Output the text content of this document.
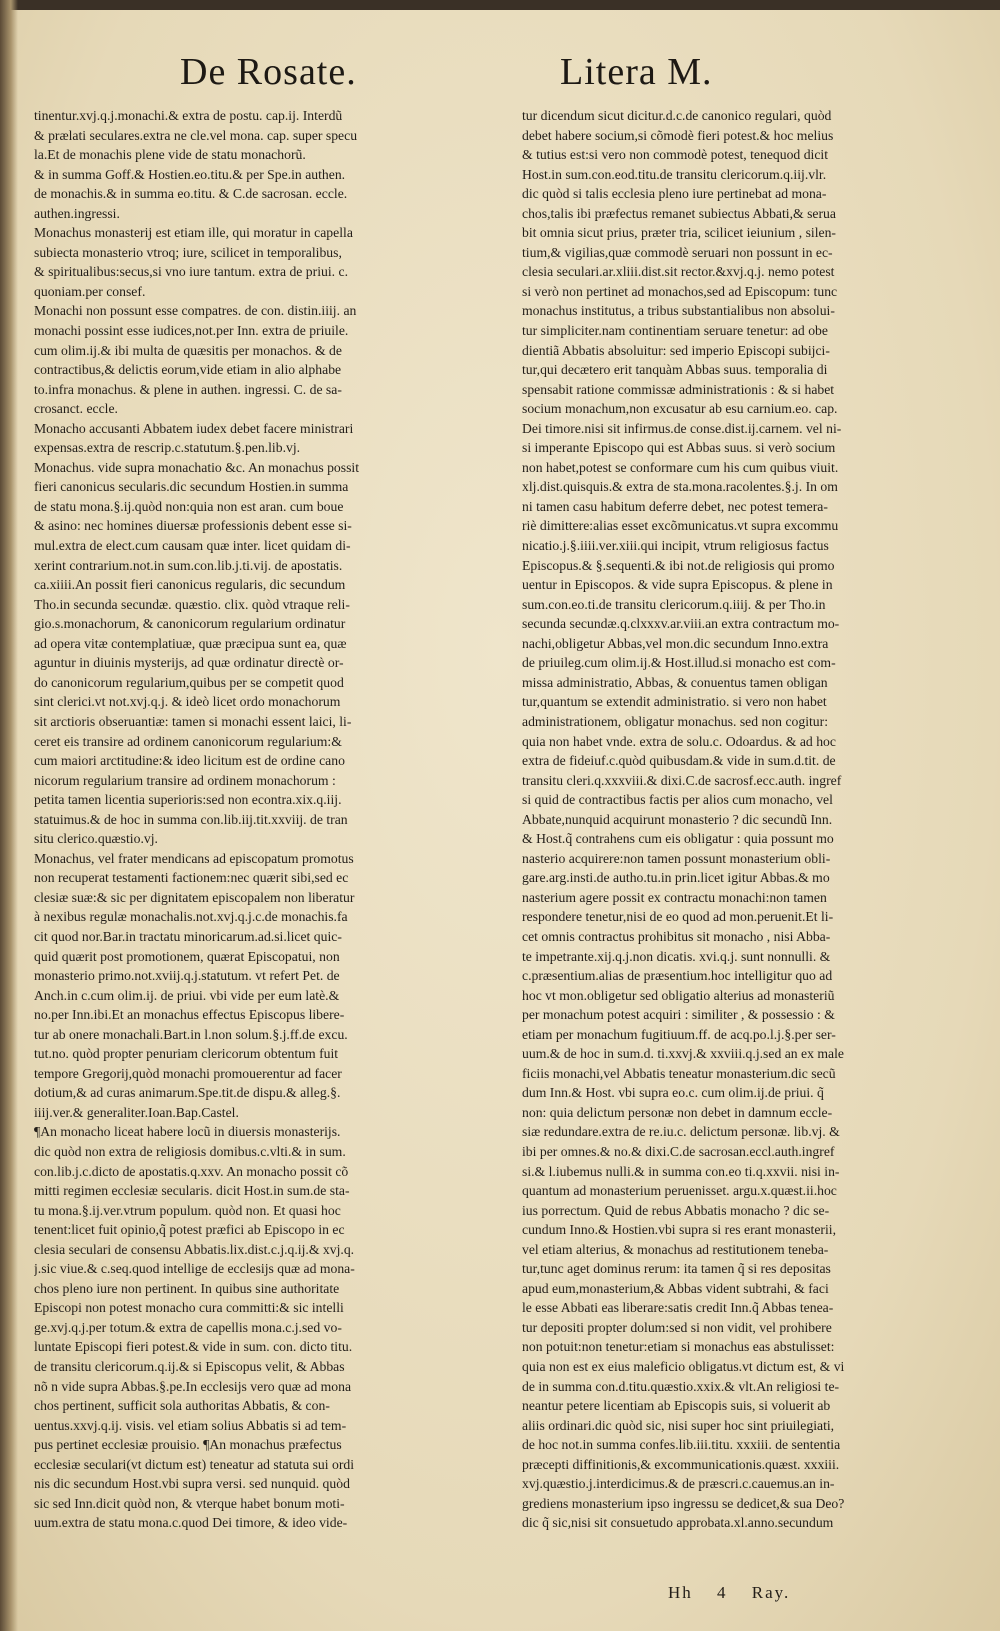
De Rosate.	Litera M.
tinentur.xvj.q.j.monachi.& extra de postu. cap.ij. Interdũ
& prælati seculares.extra ne cle.vel mona. cap. super specu
la.Et de monachis plene vide de statu monachorũ.
& in summa Goff.& Hostien.eo.titu.& per Spe.in authen.
de monachis.& in summa eo.titu. & C.de sacrosan. eccle.
authen.ingressi.
Monachus monasterij est etiam ille, qui moratur in capella
subiecta monasterio vtroq; iure, scilicet in temporalibus,
& spiritualibus:secus,si vno iure tantum. extra de priui. c.
quoniam.per consef.
Monachi non possunt esse compatres. de con. distin.iiij. an
monachi possint esse iudices,not.per Inn. extra de priuile.
cum olim.ij.& ibi multa de quæsitis per monachos. & de
contractibus,& delictis eorum,vide etiam in alio alphabe
to.infra monachus. & plene in authen. ingressi. C. de sa-
crosanct. eccle.
Monacho accusanti Abbatem iudex debet facere ministrari
expensas.extra de rescrip.c.statutum.§.pen.lib.vj.
Monachus. vide supra monachatio &c. An monachus possit
fieri canonicus secularis.dic secundum Hostien.in summa
de statu mona.§.ij.quòd non:quia non est aran. cum boue
& asino: nec homines diuersæ professionis debent esse si-
mul.extra de elect.cum causam quæ inter. licet quidam di-
xerint contrarium.not.in sum.con.lib.j.ti.vij. de apostatis.
ca.xiiii.An possit fieri canonicus regularis, dic secundum
Tho.in secunda secundæ. quæstio. clix. quòd vtraque reli-
gio.s.monachorum, & canonicorum regularium ordinatur
ad opera vitæ contemplatiuæ, quæ præcipua sunt ea, quæ
aguntur in diuinis mysterijs, ad quæ ordinatur directè or-
do canonicorum regularium,quibus per se competit quod
sint clerici.vt not.xvj.q.j. & ideò licet ordo monachorum
sit arctioris obseruantiæ: tamen si monachi essent laici, li-
ceret eis transire ad ordinem canonicorum regularium:&
cum maiori arctitudine:& ideo licitum est de ordine cano
nicorum regularium transire ad ordinem monachorum :
petita tamen licentia superioris:sed non econtra.xix.q.iij.
statuimus.& de hoc in summa con.lib.iij.tit.xxviij. de tran
situ clerico.quæstio.vj.
Monachus, vel frater mendicans ad episcopatum promotus
non recuperat testamenti factionem:nec quærit sibi,sed ec
clesiæ suæ:& sic per dignitatem episcopalem non liberatur
à nexibus regulæ monachalis.not.xvj.q.j.c.de monachis.fa
cit quod nor.Bar.in tractatu minoricarum.ad.si.licet quic-
quid quærit post promotionem, quærat Episcopatui, non
monasterio primo.not.xviij.q.j.statutum. vt refert Pet. de
Anch.in c.cum olim.ij. de priui. vbi vide per eum latè.&
no.per Inn.ibi.Et an monachus effectus Episcopus libere-
tur ab onere monachali.Bart.in l.non solum.§.j.ff.de excu.
tut.no. quòd propter penuriam clericorum obtentum fuit
tempore Gregorij,quòd monachi promouerentur ad facer
dotium,& ad curas animarum.Spe.tit.de dispu.& alleg.§.
iiij.ver.& generaliter.Ioan.Bap.Castel.
¶An monacho liceat habere locũ in diuersis monasterijs.
dic quòd non extra de religiosis domibus.c.vlti.& in sum.
con.lib.j.c.dicto de apostatis.q.xxv. An monacho possit cõ
mitti regimen ecclesiæ secularis. dicit Host.in sum.de sta-
tu mona.§.ij.ver.vtrum populum. quòd non. Et quasi hoc
tenent:licet fuit opinio,q̃ potest præfici ab Episcopo in ec
clesia seculari de consensu Abbatis.lix.dist.c.j.q.ij.& xvj.q.
j.sic viue.& c.seq.quod intellige de ecclesijs quæ ad mona-
chos pleno iure non pertinent. In quibus sine authoritate
Episcopi non potest monacho cura committi:& sic intelli
ge.xvj.q.j.per totum.& extra de capellis mona.c.j.sed vo-
luntate Episcopi fieri potest.& vide in sum. con. dicto titu.
de transitu clericorum.q.ij.& si Episcopus velit, & Abbas
nõ n vide supra Abbas.§.pe.In ecclesijs vero quæ ad mona
chos pertinent, sufficit sola authoritas Abbatis, & con-
uentus.xxvj.q.ij. visis. vel etiam solius Abbatis si ad tem-
pus pertinet ecclesiæ prouisio. ¶An monachus præfectus
ecclesiæ seculari(vt dictum est) teneatur ad statuta sui ordi
nis dic secundum Host.vbi supra versi. sed nunquid. quòd
sic sed Inn.dicit quòd non, & vterque habet bonum moti-
uum.extra de statu mona.c.quod Dei timore, & ideo vide-
tur dicendum sicut dicitur.d.c.de canonico regulari, quòd
debet habere socium,si cõmodè fieri potest.& hoc melius
& tutius est:si vero non commodè potest, tenequod dicit
Host.in sum.con.eod.titu.de transitu clericorum.q.iij.vlr.
dic quòd si talis ecclesia pleno iure pertinebat ad mona-
chos,talis ibi præfectus remanet subiectus Abbati,& serua
bit omnia sicut prius, præter tria, scilicet ieiunium , silen-
tium,& vigilias,quæ commodè seruari non possunt in ec-
clesia seculari.ar.xliii.dist.sit rector.&xvj.q.j. nemo potest
si verò non pertinet ad monachos,sed ad Episcopum: tunc
monachus institutus, a tribus substantialibus non absolui-
tur simpliciter.nam continentiam seruare tenetur: ad obe
dientiã Abbatis absoluitur: sed imperio Episcopi subijci-
tur,qui decætero erit tanquàm Abbas suus. temporalia di
spensabit ratione commissæ administrationis : & si habet
socium monachum,non excusatur ab esu carnium.eo. cap.
Dei timore.nisi sit infirmus.de conse.dist.ij.carnem. vel ni-
si imperante Episcopo qui est Abbas suus. si verò socium
non habet,potest se conformare cum his cum quibus viuit.
xlj.dist.quisquis.& extra de sta.mona.racolentes.§.j. In om
ni tamen casu habitum deferre debet, nec potest temera-
riè dimittere:alias esset excõmunicatus.vt supra excommu
nicatio.j.§.iiii.ver.xiii.qui incipit, vtrum religiosus factus
Episcopus.& §.sequenti.& ibi not.de religiosis qui promo
uentur in Episcopos. & vide supra Episcopus. & plene in
sum.con.eo.ti.de transitu clericorum.q.iiij. & per Tho.in
secunda secundæ.q.clxxxv.ar.viii.an extra contractum mo-
nachi,obligetur Abbas,vel mon.dic secundum Inno.extra
de priuileg.cum olim.ij.& Host.illud.si monacho est com-
missa administratio, Abbas, & conuentus tamen obligan
tur,quantum se extendit administratio. si vero non habet
administrationem, obligatur monachus. sed non cogitur:
quia non habet vnde. extra de solu.c. Odoardus. & ad hoc
extra de fideiuf.c.quòd quibusdam.& vide in sum.d.tit. de
transitu cleri.q.xxxviii.& dixi.C.de sacrosf.ecc.auth. ingref
si quid de contractibus factis per alios cum monacho, vel
Abbate,nunquid acquirunt monasterio ? dic secundũ Inn.
& Host.q̃ contrahens cum eis obligatur : quia possunt mo
nasterio acquirere:non tamen possunt monasterium obli-
gare.arg.insti.de autho.tu.in prin.licet igitur Abbas.& mo
nasterium agere possit ex contractu monachi:non tamen
respondere tenetur,nisi de eo quod ad mon.peruenit.Et li-
cet omnis contractus prohibitus sit monacho , nisi Abba-
te impetrante.xij.q.j.non dicatis. xvi.q.j. sunt nonnulli. &
c.præsentium.alias de præsentium.hoc intelligitur quo ad
hoc vt mon.obligetur sed obligatio alterius ad monasteriũ
per monachum potest acquiri : similiter , & possessio : &
etiam per monachum fugitiuum.ff. de acq.po.l.j.§.per ser-
uum.& de hoc in sum.d. ti.xxvj.& xxviii.q.j.sed an ex male
ficiis monachi,vel Abbatis teneatur monasterium.dic secũ
dum Inn.& Host. vbi supra eo.c. cum olim.ij.de priui. q̃
non: quia delictum personæ non debet in damnum eccle-
siæ redundare.extra de re.iu.c. delictum personæ. lib.vj. &
ibi per omnes.& no.& dixi.C.de sacrosan.eccl.auth.ingref
si.& l.iubemus nulli.& in summa con.eo ti.q.xxvii. nisi in-
quantum ad monasterium peruenisset. argu.x.quæst.ii.hoc
ius porrectum. Quid de rebus Abbatis monacho ? dic se-
cundum Inno.& Hostien.vbi supra si res erant monasterii,
vel etiam alterius, & monachus ad restitutionem teneba-
tur,tunc aget dominus rerum: ita tamen q̃ si res depositas
apud eum,monasterium,& Abbas vident subtrahi, & faci
le esse Abbati eas liberare:satis credit Inn.q̃ Abbas tenea-
tur depositi propter dolum:sed si non vidit, vel prohibere
non potuit:non tenetur:etiam si monachus eas abstulisset:
quia non est ex eius maleficio obligatus.vt dictum est, & vi
de in summa con.d.titu.quæstio.xxix.& vlt.An religiosi te-
neantur petere licentiam ab Episcopis suis, si voluerit ab
aliis ordinari.dic quòd sic, nisi super hoc sint priuilegiati,
de hoc not.in summa confes.lib.iii.titu. xxxiii. de sententia
præcepti diffinitionis,& excommunicationis.quæst. xxxiii.
xvj.quæstio.j.interdicimus.& de præscri.c.cauemus.an in-
grediens monasterium ipso ingressu se dedicet,& sua Deo?
dic q̃ sic,nisi sit consuetudo approbata.xl.anno.secundum
Hh 4 Ray.
